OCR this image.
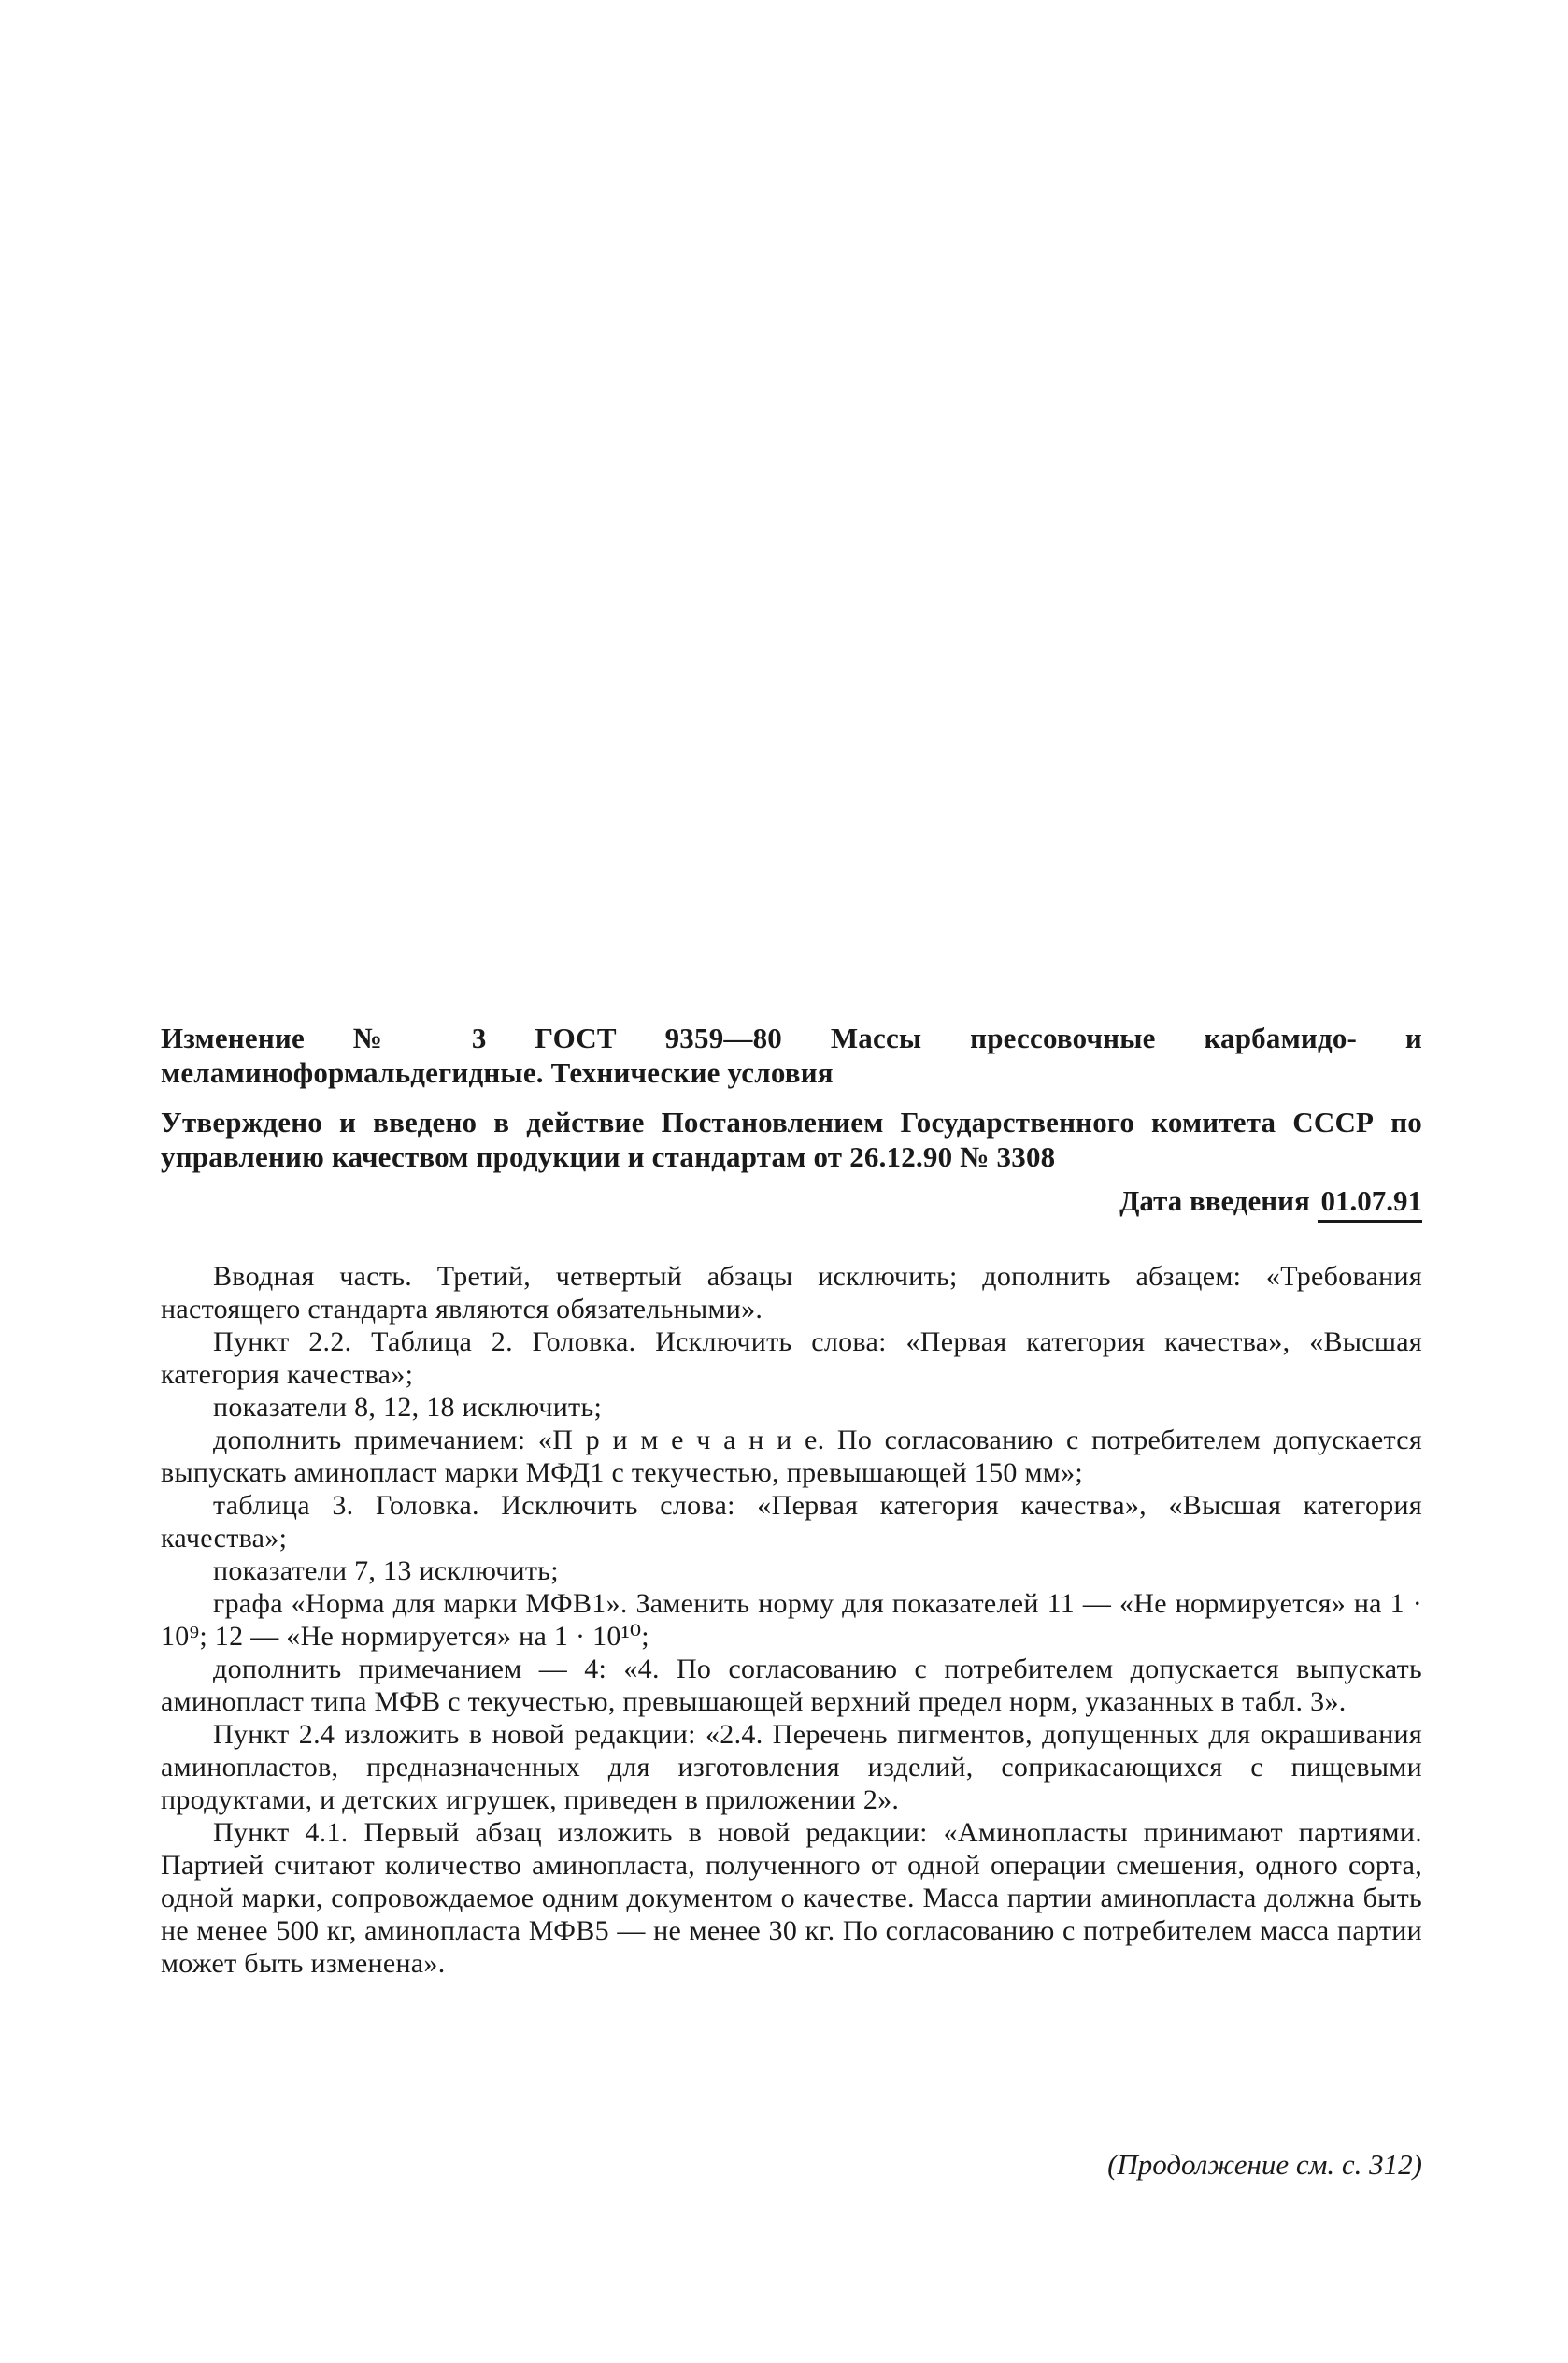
Изменение № 3 ГОСТ 9359—80 Массы прессовочные карбамидо- и меламиноформальдегидные. Технические условия

Утверждено и введено в действие Постановлением Государственного комитета СССР по управлению качеством продукции и стандартам от 26.12.90 № 3308

Дата введения 01.07.91

Вводная часть. Третий, четвертый абзацы исключить; дополнить абзацем: «Требования настоящего стандарта являются обязательными».

Пункт 2.2. Таблица 2. Головка. Исключить слова: «Первая категория качества», «Высшая категория качества»;

показатели 8, 12, 18 исключить;

дополнить примечанием: «П р и м е ч а н и е. По согласованию с потребителем допускается выпускать аминопласт марки МФД1 с текучестью, превышающей 150 мм»;

таблица 3. Головка. Исключить слова: «Первая категория качества», «Высшая категория качества»;

показатели 7, 13 исключить;

графа «Норма для марки МФВ1». Заменить норму для показателей 11 — «Не нормируется» на 1 · 10⁹; 12 — «Не нормируется» на 1 · 10¹⁰;

дополнить примечанием — 4: «4. По согласованию с потребителем допускается выпускать аминопласт типа МФВ с текучестью, превышающей верхний предел норм, указанных в табл. 3».

Пункт 2.4 изложить в новой редакции: «2.4. Перечень пигментов, допущенных для окрашивания аминопластов, предназначенных для изготовления изделий, соприкасающихся с пищевыми продуктами, и детских игрушек, приведен в приложении 2».

Пункт 4.1. Первый абзац изложить в новой редакции: «Аминопласты принимают партиями. Партией считают количество аминопласта, полученного от одной операции смешения, одного сорта, одной марки, сопровождаемое одним документом о качестве. Масса партии аминопласта должна быть не менее 500 кг, аминопласта МФВ5 — не менее 30 кг. По согласованию с потребителем масса партии может быть изменена».

(Продолжение см. с. 312)
